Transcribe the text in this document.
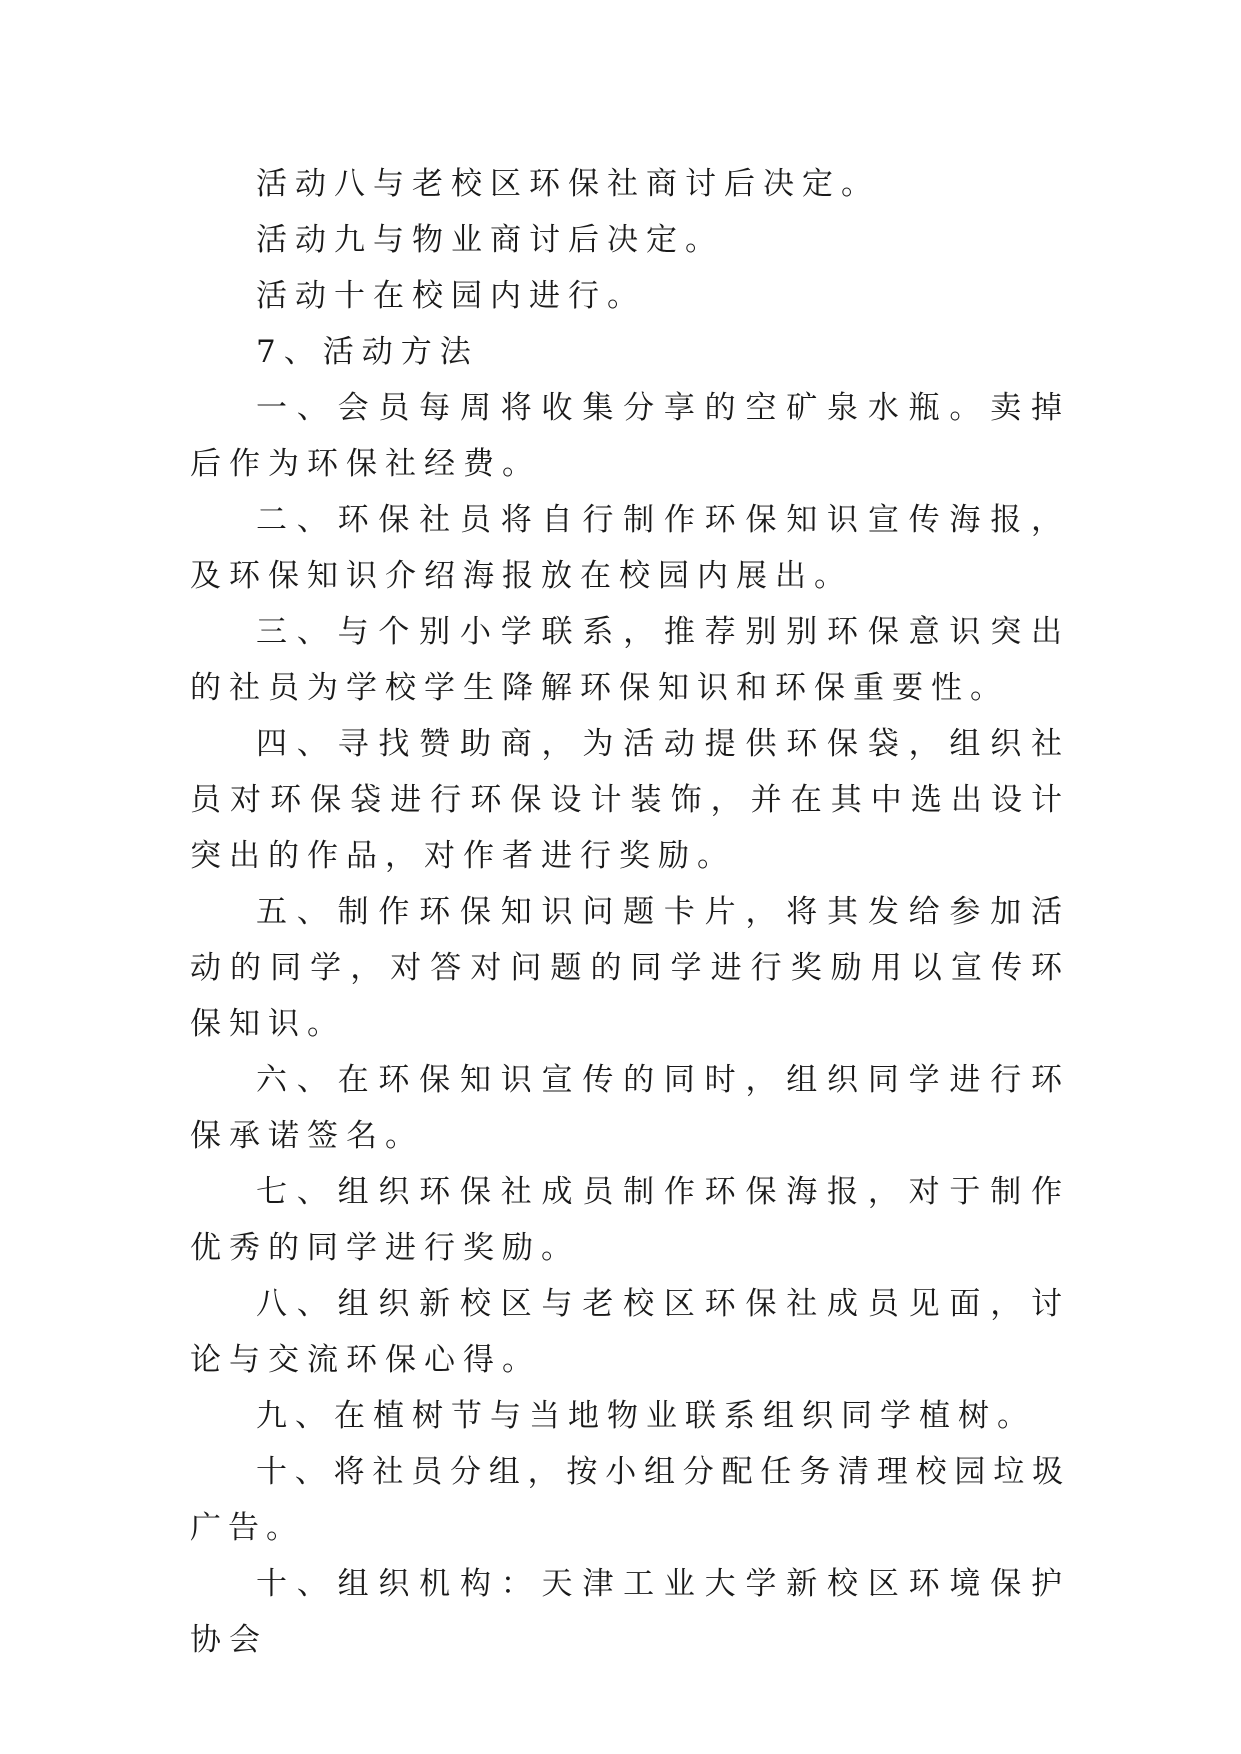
活动八与老校区环保社商讨后决定。

活动九与物业商讨后决定。

活动十在校园内进行。

7、活动方法

一、会员每周将收集分享的空矿泉水瓶。卖掉后作为环保社经费。

二、环保社员将自行制作环保知识宣传海报，及环保知识介绍海报放在校园内展出。

三、与个别小学联系，推荐别别环保意识突出的社员为学校学生降解环保知识和环保重要性。

四、寻找赞助商，为活动提供环保袋，组织社员对环保袋进行环保设计装饰，并在其中选出设计突出的作品，对作者进行奖励。

五、制作环保知识问题卡片，将其发给参加活动的同学，对答对问题的同学进行奖励用以宣传环保知识。

六、在环保知识宣传的同时，组织同学进行环保承诺签名。

七、组织环保社成员制作环保海报，对于制作优秀的同学进行奖励。

八、组织新校区与老校区环保社成员见面，讨论与交流环保心得。

九、在植树节与当地物业联系组织同学植树。

十、将社员分组，按小组分配任务清理校园垃圾广告。

十、组织机构：天津工业大学新校区环境保护协会
